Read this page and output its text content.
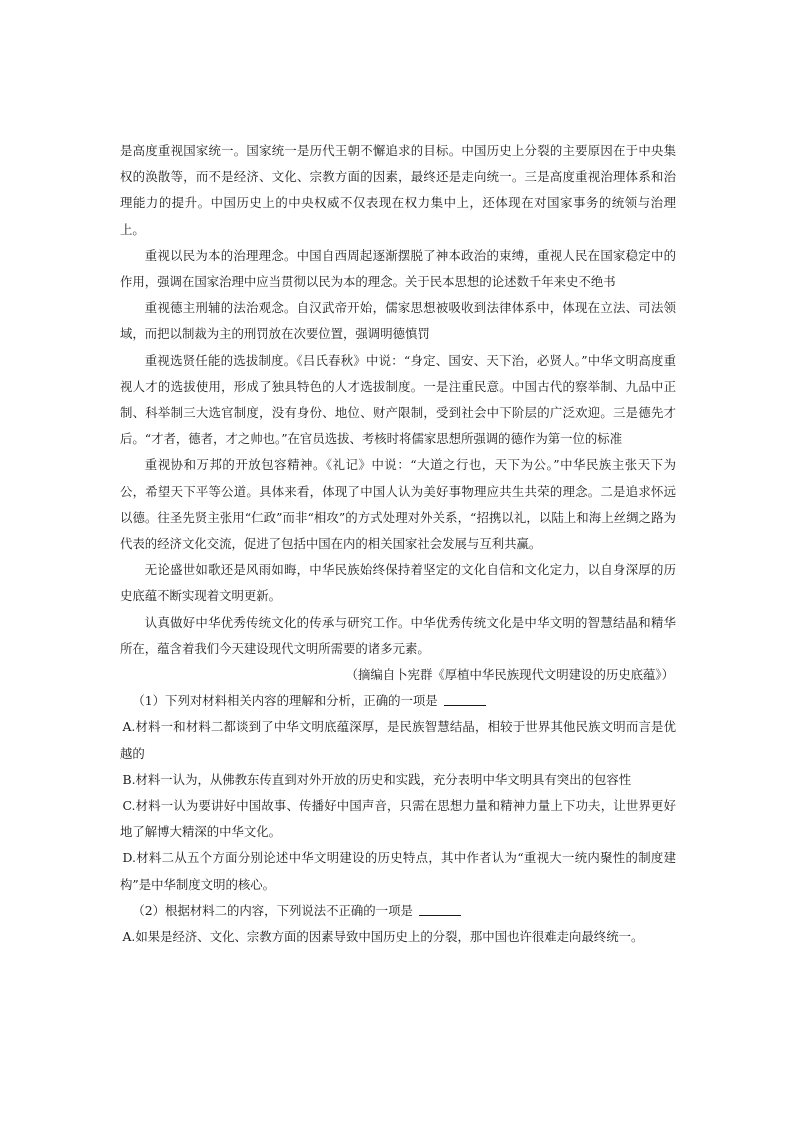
是高度重视国家统一。国家统一是历代王朝不懈追求的目标。中国历史上分裂的主要原因在于中央集权的涣散等，而不是经济、文化、宗教方面的因素，最终还是走向统一。三是高度重视治理体系和治理能力的提升。中国历史上的中央权威不仅表现在权力集中上，还体现在对国家事务的统领与治理上。

重视以民为本的治理理念。中国自西周起逐渐摆脱了神本政治的束缚，重视人民在国家稳定中的作用，强调在国家治理中应当贯彻以民为本的理念。关于民本思想的论述数千年来史不绝书

重视德主刑辅的法治观念。自汉武帝开始，儒家思想被吸收到法律体系中，体现在立法、司法领域，而把以制裁为主的刑罚放在次要位置，强调明德慎罚

重视选贤任能的选拔制度。《吕氏春秋》中说：“身定、国安、天下治，必贤人。”中华文明高度重视人才的选拔使用，形成了独具特色的人才选拔制度。一是注重民意。中国古代的察举制、九品中正制、科举制三大选官制度，没有身份、地位、财产限制，受到社会中下阶层的广泛欢迎。三是德先才后。“才者，德者，才之帅也。”在官员选拔、考核时将儒家思想所强调的德作为第一位的标准

重视协和万邦的开放包容精神。《礼记》中说：“大道之行也，天下为公。”中华民族主张天下为公，希望天下平等公道。具体来看，体现了中国人认为美好事物理应共生共荣的理念。二是追求怀远以德。往圣先贤主张用“仁政”而非“相攻”的方式处理对外关系，“招携以礼，以陆上和海上丝绸之路为代表的经济文化交流，促进了包括中国在内的相关国家社会发展与互利共赢。

无论盛世如歌还是风雨如晦，中华民族始终保持着坚定的文化自信和文化定力，以自身深厚的历史底蕴不断实现着文明更新。

认真做好中华优秀传统文化的传承与研究工作。中华优秀传统文化是中华文明的智慧结晶和精华所在，蕴含着我们今天建设现代文明所需要的诸多元素。

（摘编自卜宪群《厚植中华民族现代文明建设的历史底蕴》）

（1）下列对材料相关内容的理解和分析，正确的一项是

A.材料一和材料二都谈到了中华文明底蕴深厚，是民族智慧结晶，相较于世界其他民族文明而言是优越的

B.材料一认为，从佛教东传直到对外开放的历史和实践，充分表明中华文明具有突出的包容性

C.材料一认为要讲好中国故事、传播好中国声音，只需在思想力量和精神力量上下功夫，让世界更好地了解博大精深的中华文化。

D.材料二从五个方面分别论述中华文明建设的历史特点，其中作者认为“重视大一统内聚性的制度建构”是中华制度文明的核心。

（2）根据材料二的内容，下列说法不正确的一项是

A.如果是经济、文化、宗教方面的因素导致中国历史上的分裂，那中国也许很难走向最终统一。
